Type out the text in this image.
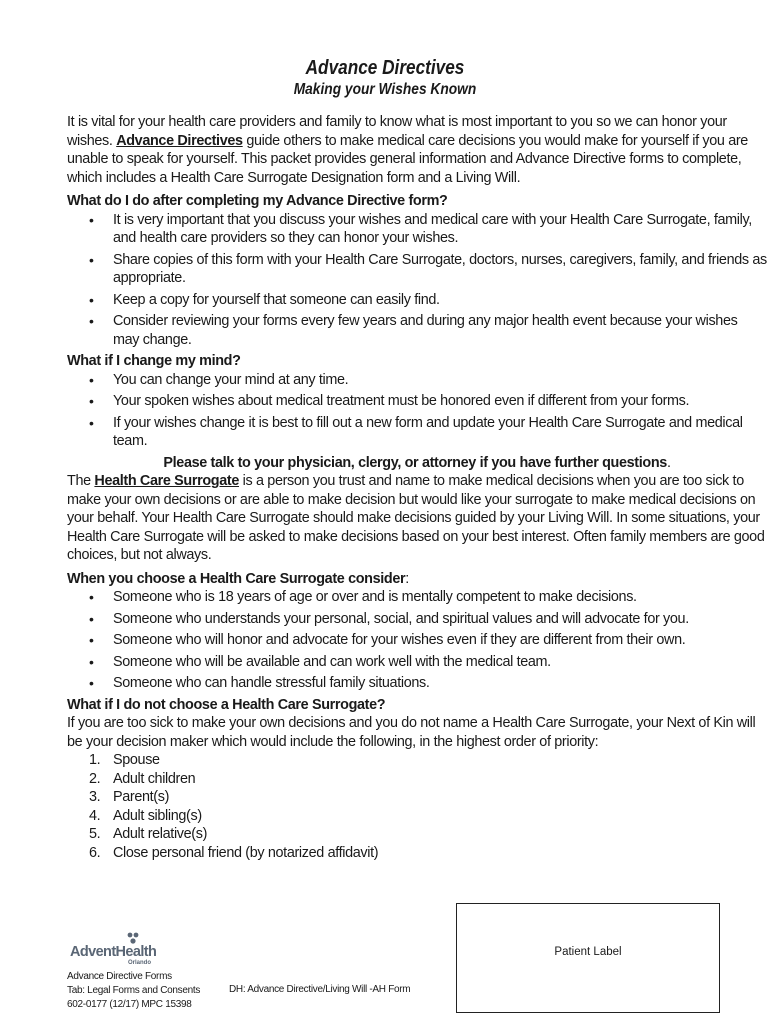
Advance Directives
Making your Wishes Known

It is vital for your health care providers and family to know what is most important to you so we can honor your wishes. Advance Directives guide others to make medical care decisions you would make for yourself if you are unable to speak for yourself. This packet provides general information and Advance Directive forms to complete, which includes a Health Care Surrogate Designation form and a Living Will.

What do I do after completing my Advance Directive form?

• It is very important that you discuss your wishes and medical care with your Health Care Surrogate, family, and health care providers so they can honor your wishes.
• Share copies of this form with your Health Care Surrogate, doctors, nurses, caregivers, family, and friends as appropriate.
• Keep a copy for yourself that someone can easily find.
• Consider reviewing your forms every few years and during any major health event because your wishes may change.

What if I change my mind?

• You can change your mind at any time.
• Your spoken wishes about medical treatment must be honored even if different from your forms.
• If your wishes change it is best to fill out a new form and update your Health Care Surrogate and medical team.

Please talk to your physician, clergy, or attorney if you have further questions.

The Health Care Surrogate is a person you trust and name to make medical decisions when you are too sick to make your own decisions or are able to make decision but would like your surrogate to make medical decisions on your behalf. Your Health Care Surrogate should make decisions guided by your Living Will. In some situations, your Health Care Surrogate will be asked to make decisions based on your best interest. Often family members are good choices, but not always.

When you choose a Health Care Surrogate consider:

• Someone who is 18 years of age or over and is mentally competent to make decisions.
• Someone who understands your personal, social, and spiritual values and will advocate for you.
• Someone who will honor and advocate for your wishes even if they are different from their own.
• Someone who will be available and can work well with the medical team.
• Someone who can handle stressful family situations.

What if I do not choose a Health Care Surrogate?

If you are too sick to make your own decisions and you do not name a Health Care Surrogate, your Next of Kin will be your decision maker which would include the following, in the highest order of priority:

1. Spouse
2. Adult children
3. Parent(s)
4. Adult sibling(s)
5. Adult relative(s)
6. Close personal friend (by notarized affidavit)
Patient Label
AdventHealth
Orlando
Advance Directive Forms
Tab: Legal Forms and Consents
602-0177 (12/17) MPC 15398
DH: Advance Directive/Living Will -AH Form
